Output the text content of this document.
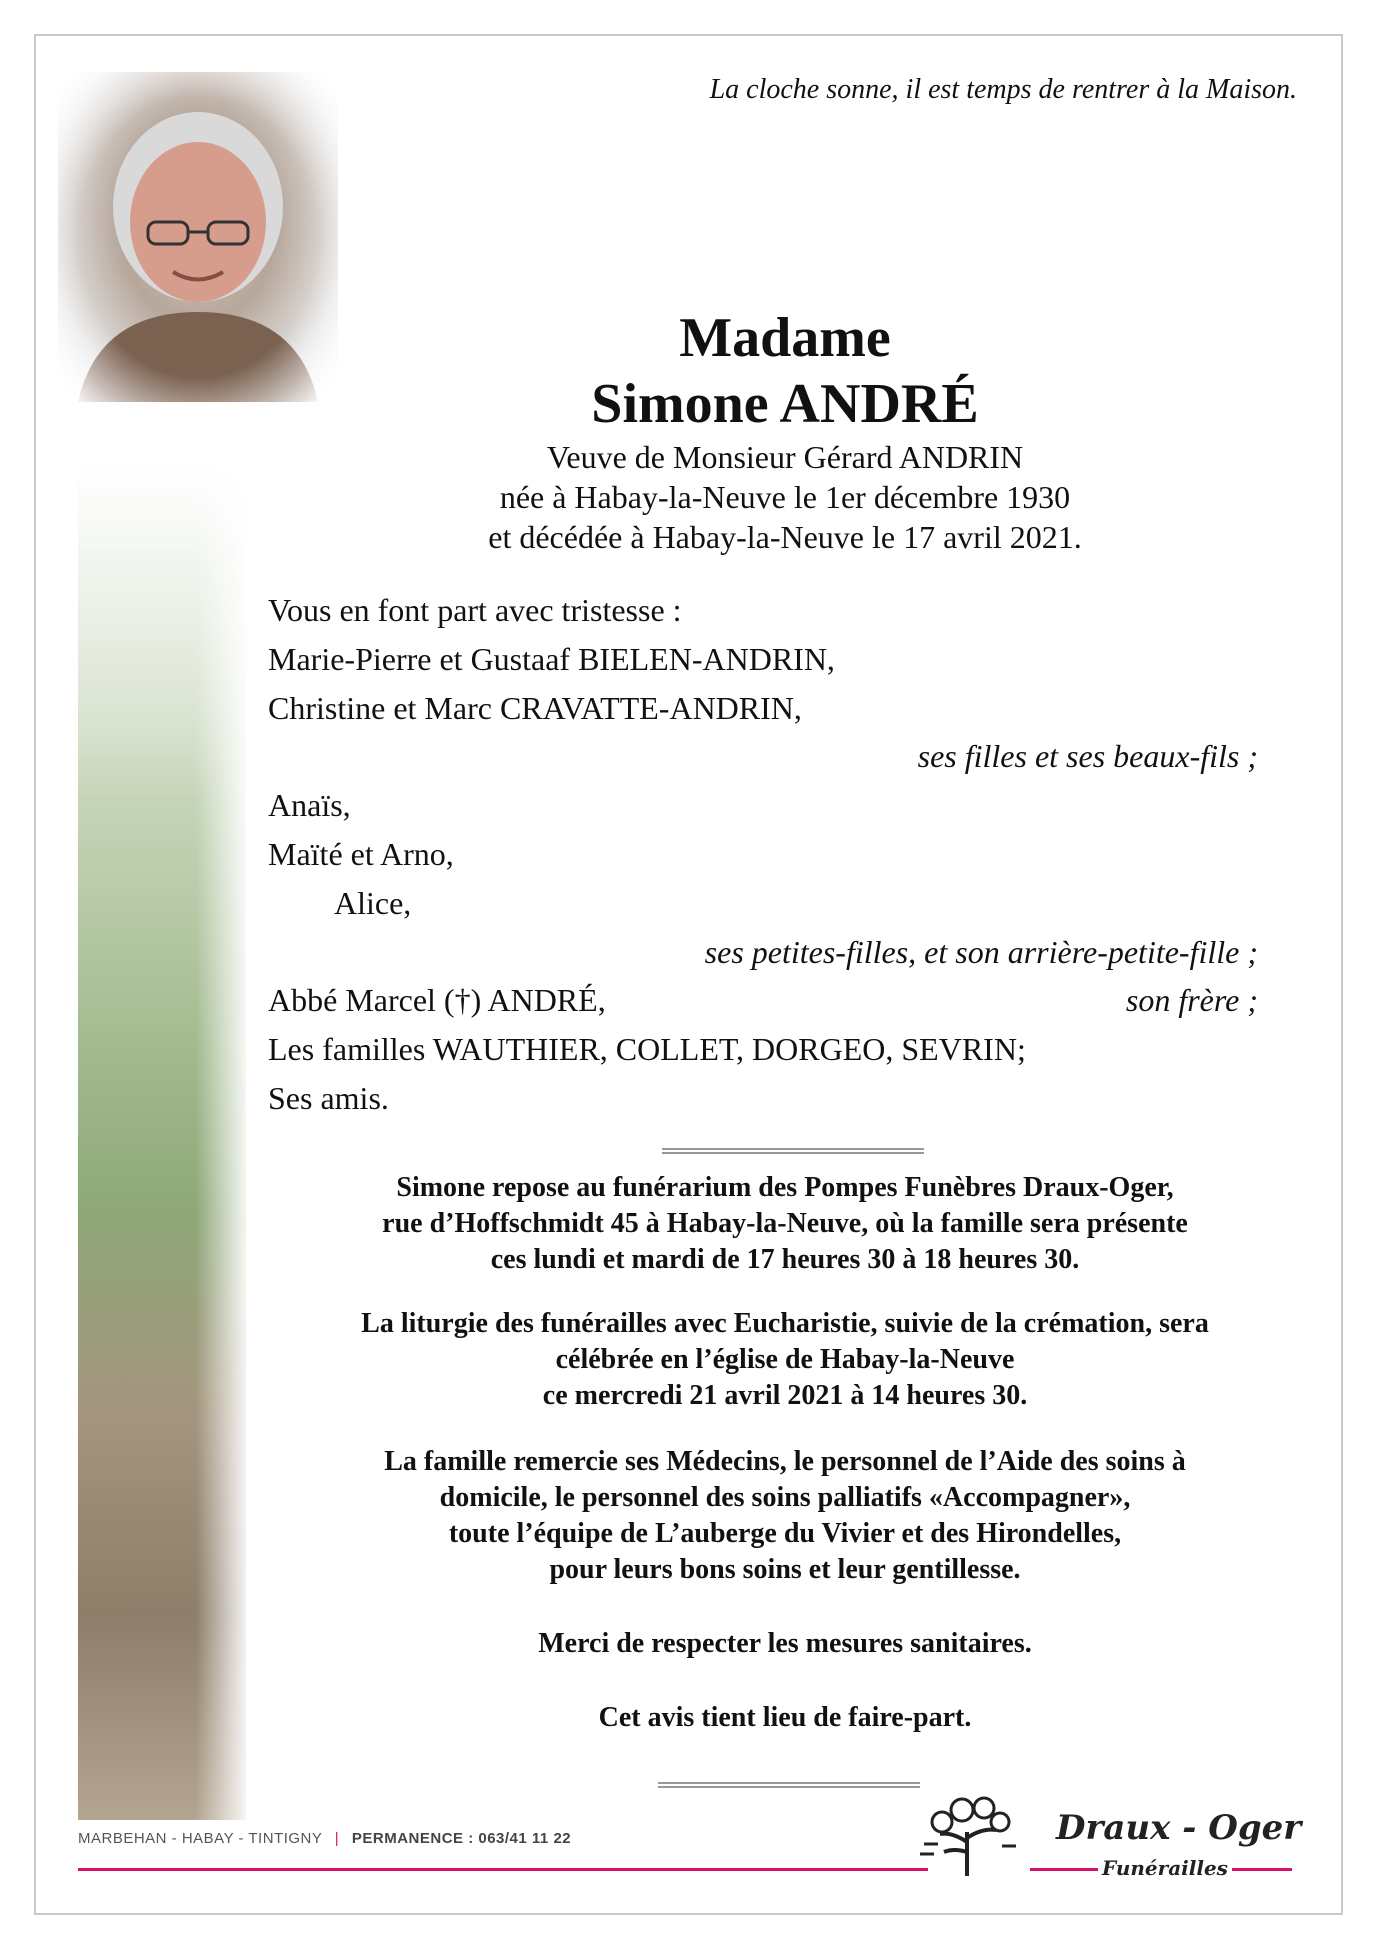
La cloche sonne, il est temps de rentrer à la Maison.
Madame
Simone ANDRÉ
Veuve de Monsieur Gérard ANDRIN
née à Habay-la-Neuve le 1er décembre 1930
et décédée à Habay-la-Neuve le 17 avril 2021.
Vous en font part avec tristesse :
Marie-Pierre et Gustaaf BIELEN-ANDRIN,
Christine et Marc CRAVATTE-ANDRIN,
ses filles et ses beaux-fils ;
Anaïs,
Maïté et Arno,
Alice,
ses petites-filles, et son arrière-petite-fille ;
Abbé Marcel (†) ANDRÉ,	son frère ;
Les familles WAUTHIER, COLLET, DORGEO, SEVRIN;
Ses amis.
Simone repose au funérarium des Pompes Funèbres Draux-Oger,
rue d’Hoffschmidt 45 à Habay-la-Neuve, où la famille sera présente
ces lundi et mardi de 17 heures 30 à 18 heures 30.
La liturgie des funérailles avec Eucharistie, suivie de la crémation, sera
célébrée en l’église de Habay-la-Neuve
ce mercredi 21 avril 2021 à 14 heures 30.
La famille remercie ses Médecins, le personnel de l’Aide des soins à
domicile, le personnel des soins palliatifs «Accompagner»,
toute l’équipe de L’auberge du Vivier et des Hirondelles,
pour leurs bons soins et leur gentillesse.
Merci de respecter les mesures sanitaires.
Cet avis tient lieu de faire-part.
MARBEHAN - HABAY - TINTIGNY | PERMANENCE : 063/41 11 22	Draux - Oger
Funérailles
